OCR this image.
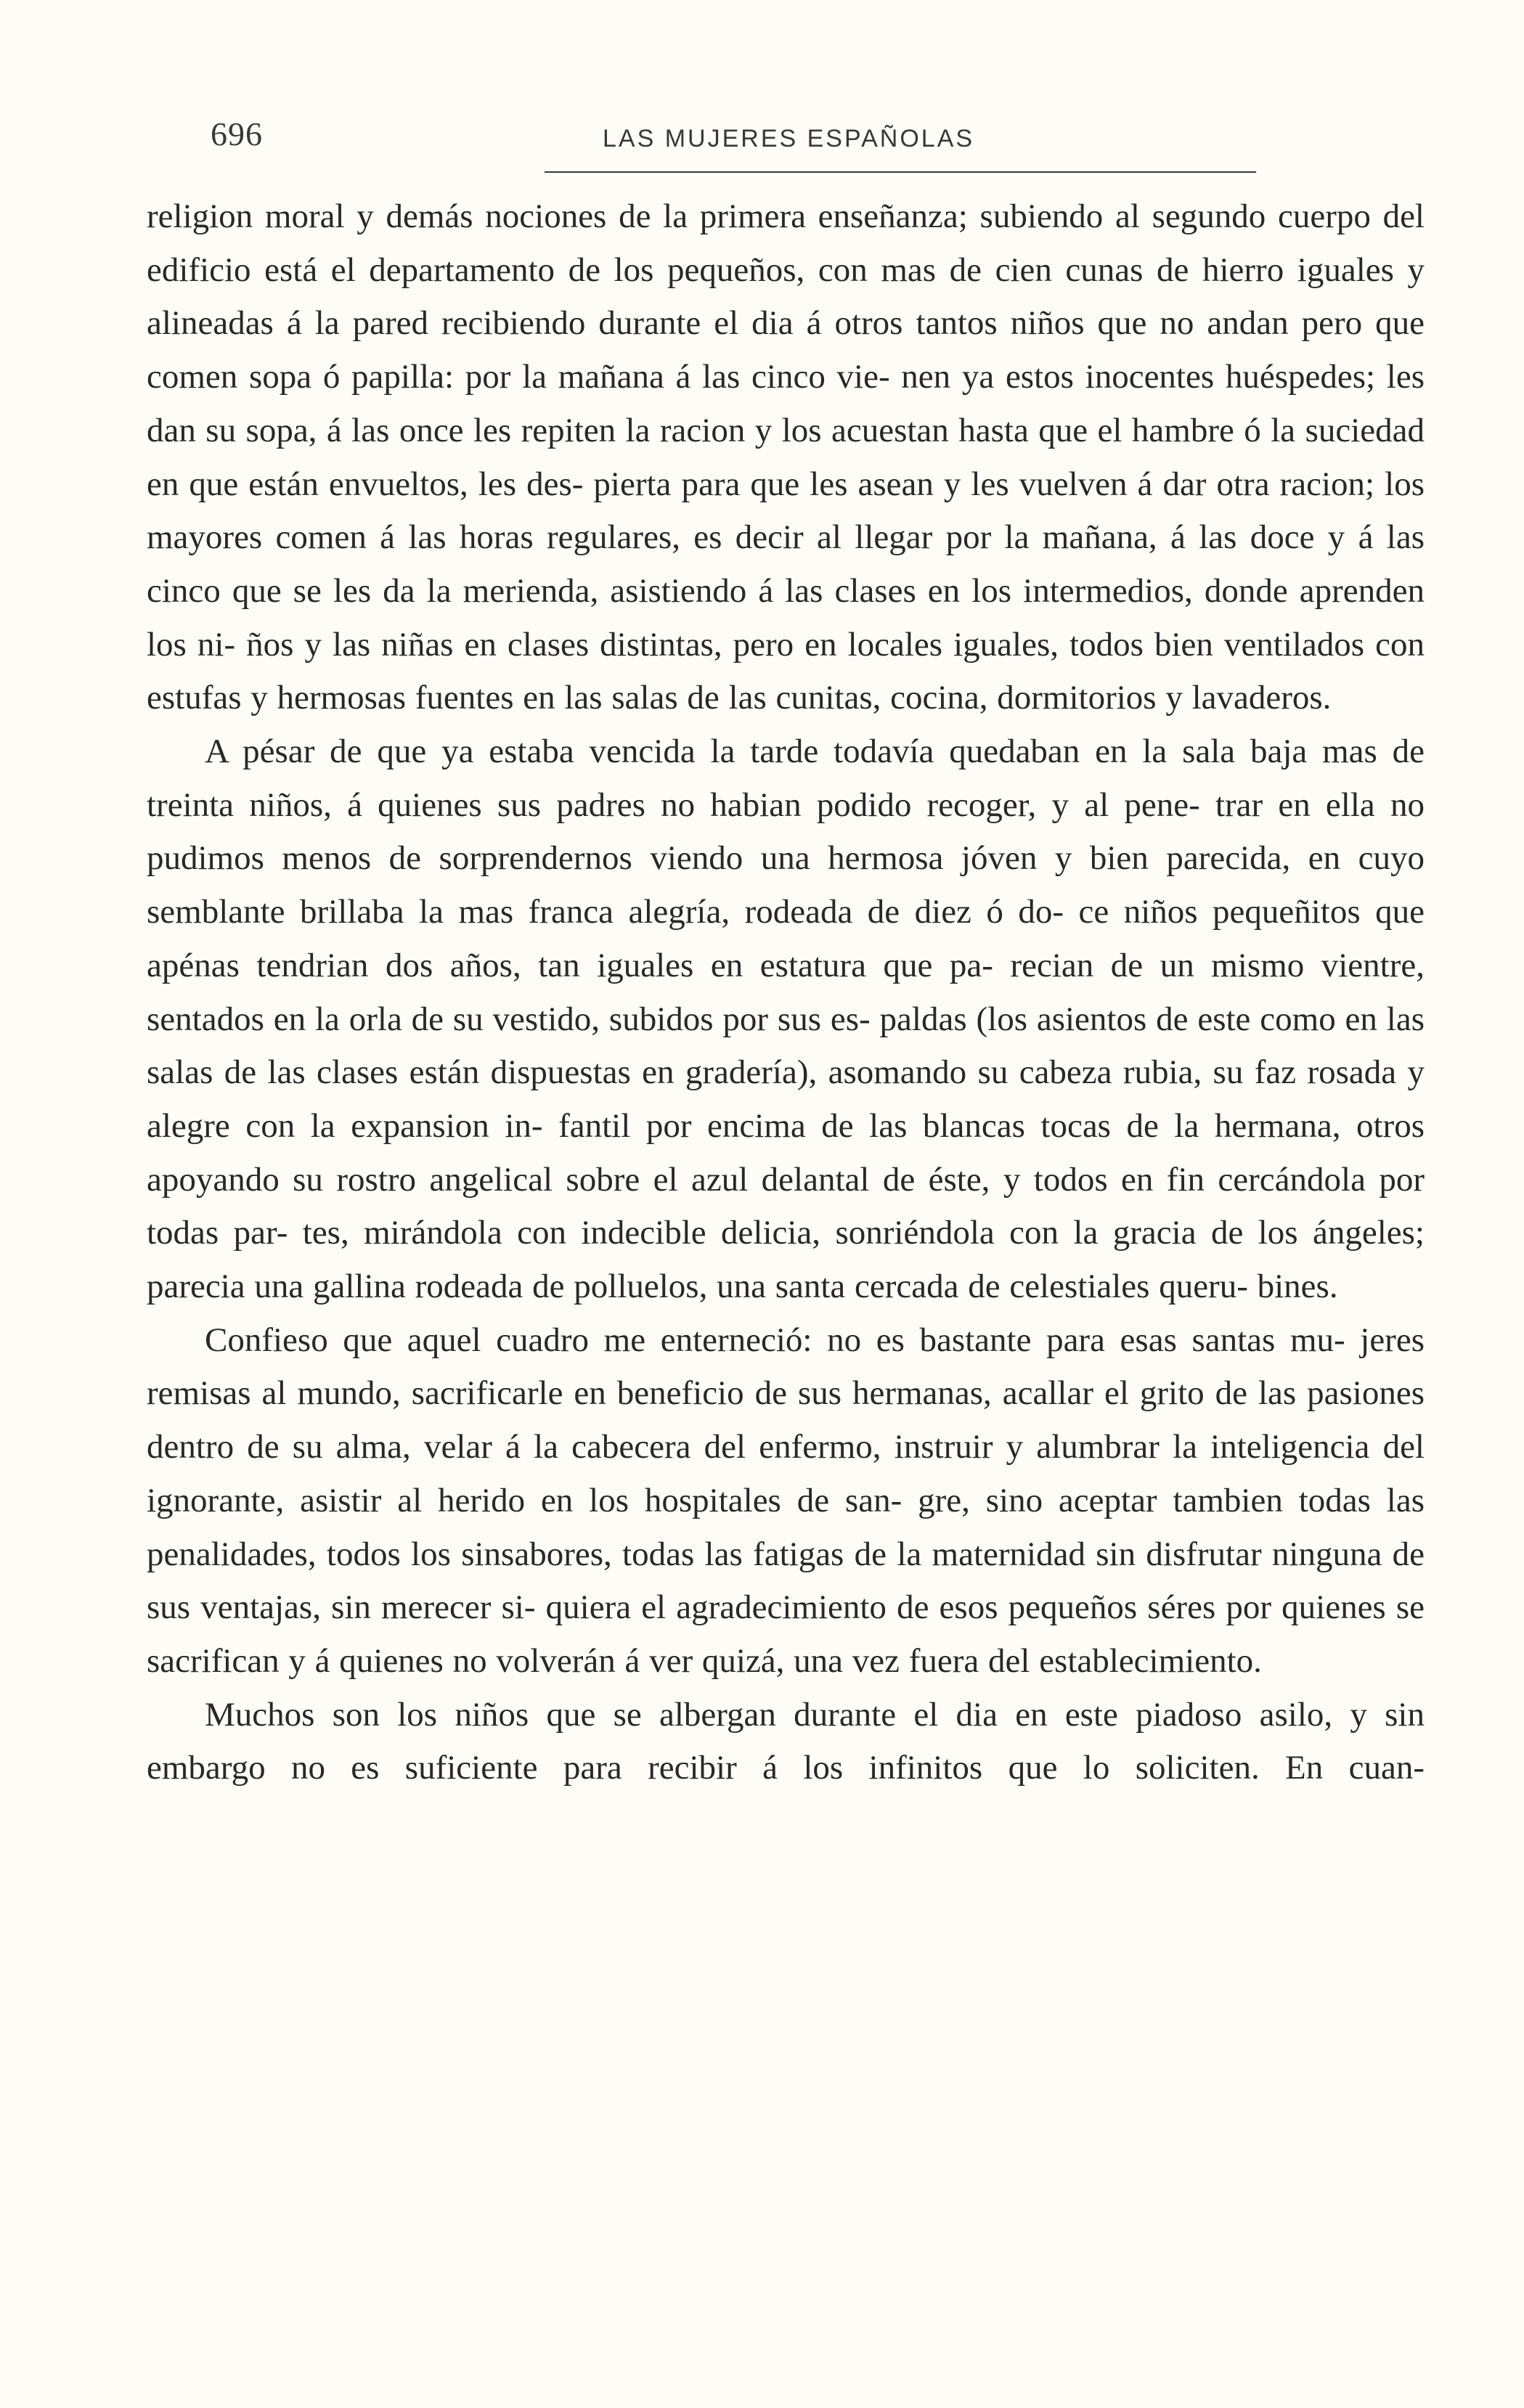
696	LAS MUJERES ESPAÑOLAS

religion moral y demás nociones de la primera enseñanza; subiendo al segundo cuerpo del edificio está el departamento de los pequeños, con mas de cien cunas de hierro iguales y alineadas á la pared recibiendo durante el dia á otros tantos niños que no andan pero que comen sopa ó papilla: por la mañana á las cinco vie- nen ya estos inocentes huéspedes; les dan su sopa, á las once les repiten la racion y los acuestan hasta que el hambre ó la suciedad en que están envueltos, les des- pierta para que les asean y les vuelven á dar otra racion; los mayores comen á las horas regulares, es decir al llegar por la mañana, á las doce y á las cinco que se les da la merienda, asistiendo á las clases en los intermedios, donde aprenden los ni- ños y las niñas en clases distintas, pero en locales iguales, todos bien ventilados con estufas y hermosas fuentes en las salas de las cunitas, cocina, dormitorios y lavaderos.

A pésar de que ya estaba vencida la tarde todavía quedaban en la sala baja mas de treinta niños, á quienes sus padres no habian podido recoger, y al pene- trar en ella no pudimos menos de sorprendernos viendo una hermosa jóven y bien parecida, en cuyo semblante brillaba la mas franca alegría, rodeada de diez ó do- ce niños pequeñitos que apénas tendrian dos años, tan iguales en estatura que pa- recian de un mismo vientre, sentados en la orla de su vestido, subidos por sus es- paldas (los asientos de este como en las salas de las clases están dispuestas en gradería), asomando su cabeza rubia, su faz rosada y alegre con la expansion in- fantil por encima de las blancas tocas de la hermana, otros apoyando su rostro angelical sobre el azul delantal de éste, y todos en fin cercándola por todas par- tes, mirándola con indecible delicia, sonriéndola con la gracia de los ángeles; parecia una gallina rodeada de polluelos, una santa cercada de celestiales queru- bines.

Confieso que aquel cuadro me enterneció: no es bastante para esas santas mu- jeres remisas al mundo, sacrificarle en beneficio de sus hermanas, acallar el grito de las pasiones dentro de su alma, velar á la cabecera del enfermo, instruir y alumbrar la inteligencia del ignorante, asistir al herido en los hospitales de san- gre, sino aceptar tambien todas las penalidades, todos los sinsabores, todas las fatigas de la maternidad sin disfrutar ninguna de sus ventajas, sin merecer si- quiera el agradecimiento de esos pequeños séres por quienes se sacrifican y á quienes no volverán á ver quizá, una vez fuera del establecimiento.

Muchos son los niños que se albergan durante el dia en este piadoso asilo, y sin embargo no es suficiente para recibir á los infinitos que lo soliciten. En cuan-
